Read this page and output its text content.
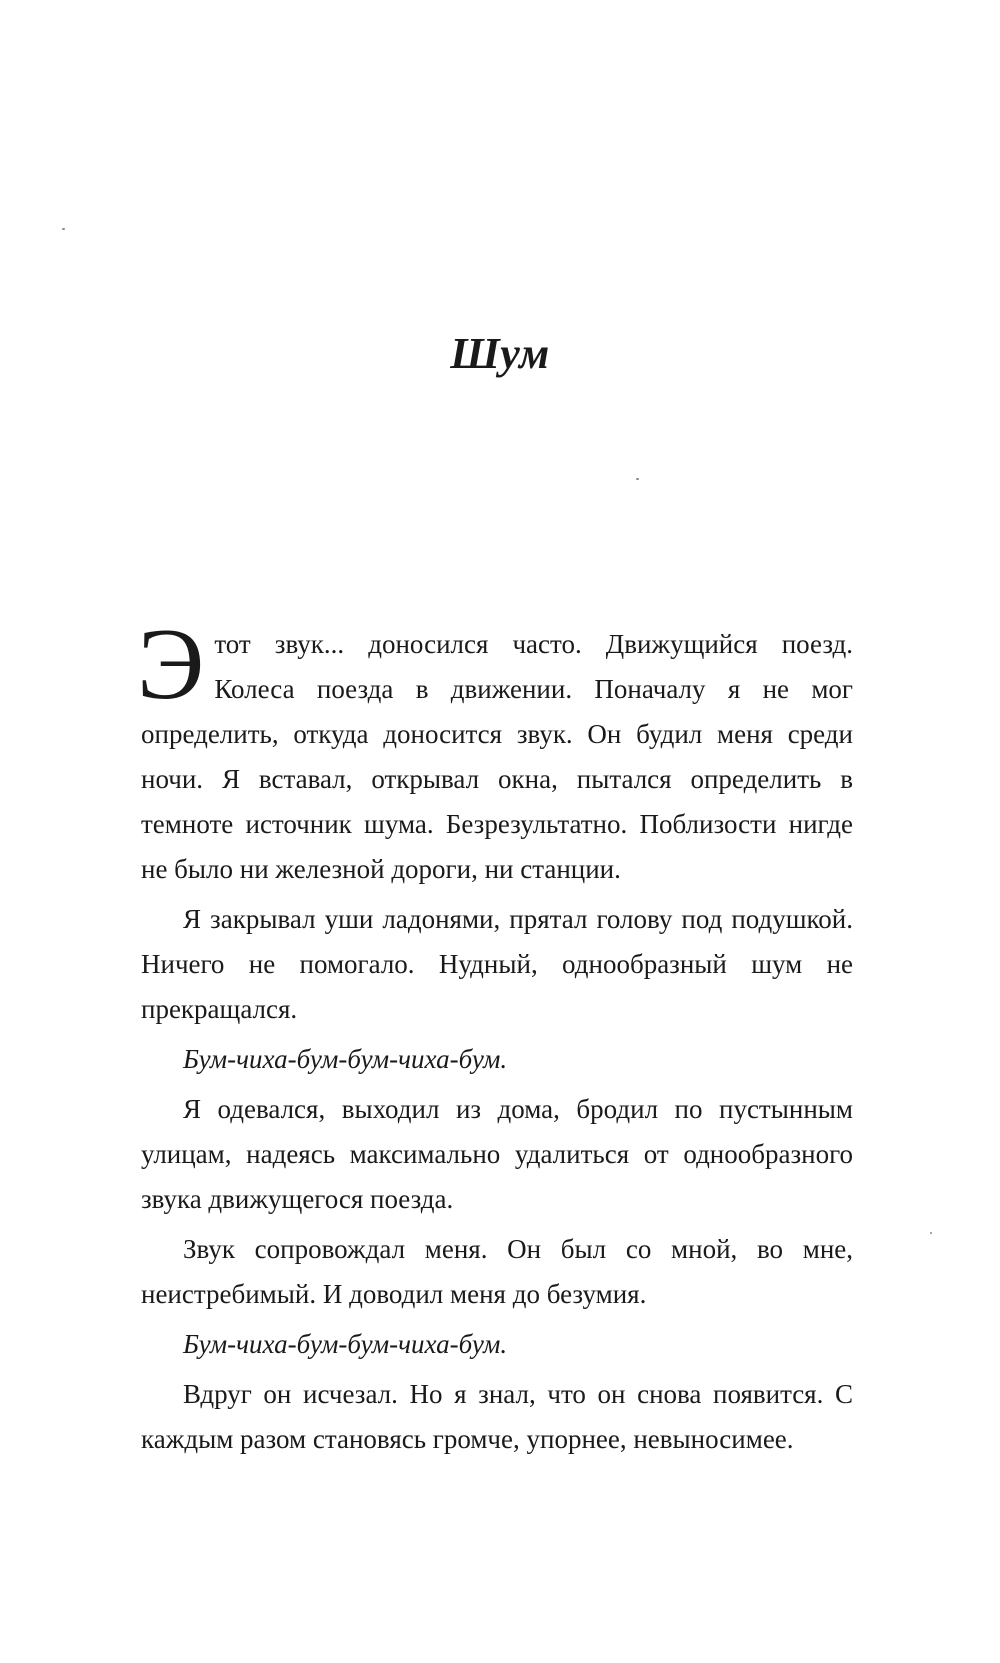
Шум

Этот звук... доносился часто. Движущийся поезд. Колеса поезда в движении. Поначалу я не мог определить, откуда доносится звук. Он будил меня среди ночи. Я вставал, открывал окна, пытался определить в темноте источник шума. Безрезультатно. Поблизости нигде не было ни железной дороги, ни станции.

Я закрывал уши ладонями, прятал голову под подушкой. Ничего не помогало. Нудный, однообразный шум не прекращался.

Бум-чиха-бум-бум-чиха-бум.

Я одевался, выходил из дома, бродил по пустынным улицам, надеясь максимально удалиться от однообразного звука движущегося поезда.

Звук сопровождал меня. Он был со мной, во мне, неистребимый. И доводил меня до безумия.

Бум-чиха-бум-бум-чиха-бум.

Вдруг он исчезал. Но я знал, что он снова появится. С каждым разом становясь громче, упорнее, невыносимее.
